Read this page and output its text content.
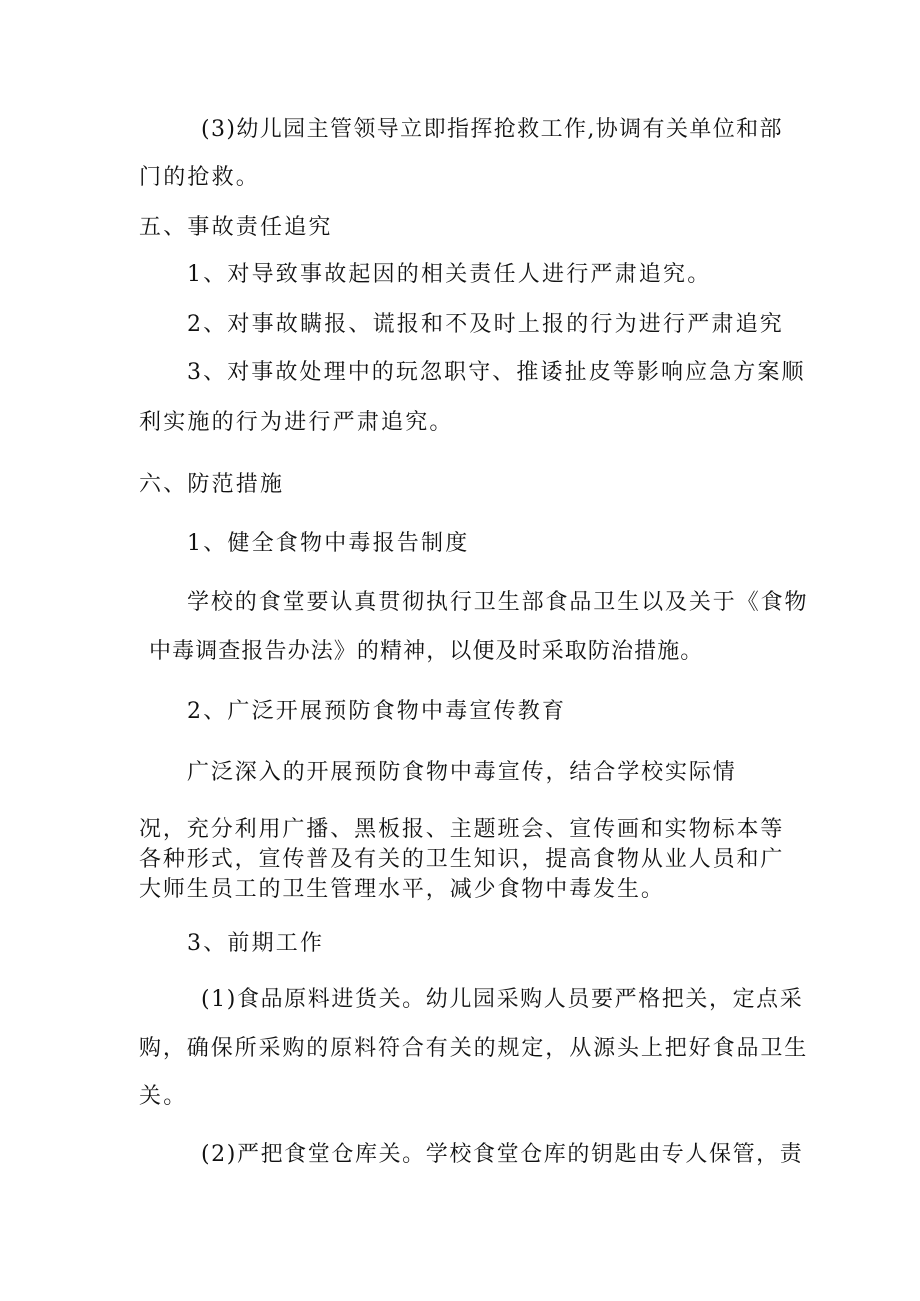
(3)幼儿园主管领导立即指挥抢救工作,协调有关单位和部
门的抢救。
五、事故责任追究
1、对导致事故起因的相关责任人进行严肃追究。
2、对事故瞒报、谎报和不及时上报的行为进行严肃追究
3、对事故处理中的玩忽职守、推诿扯皮等影响应急方案顺
利实施的行为进行严肃追究。
六、防范措施
1、健全食物中毒报告制度
学校的食堂要认真贯彻执行卫生部食品卫生以及关于《食物
中毒调查报告办法》的精神，以便及时采取防治措施。
2、广泛开展预防食物中毒宣传教育
广泛深入的开展预防食物中毒宣传，结合学校实际情
况，充分利用广播、黑板报、主题班会、宣传画和实物标本等
各种形式，宣传普及有关的卫生知识，提高食物从业人员和广
大师生员工的卫生管理水平，减少食物中毒发生。
3、前期工作
(1)食品原料进货关。幼儿园采购人员要严格把关，定点采
购，确保所采购的原料符合有关的规定，从源头上把好食品卫生
关。
(2)严把食堂仓库关。学校食堂仓库的钥匙由专人保管，责
